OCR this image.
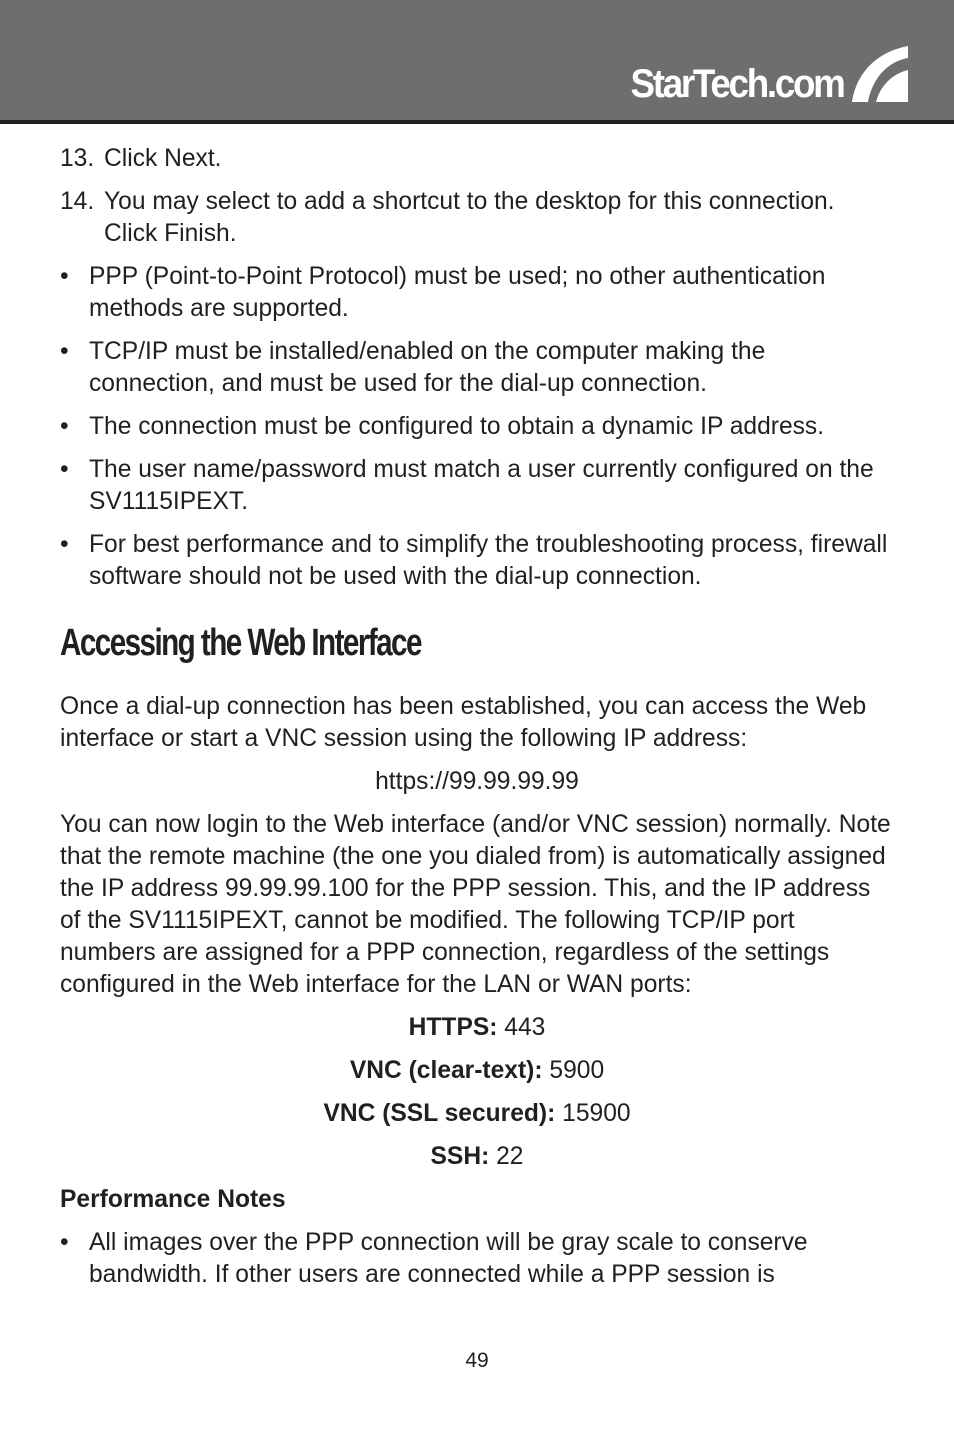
StarTech.com
13. Click Next.
14. You may select to add a shortcut to the desktop for this connection. Click Finish.
• PPP (Point-to-Point Protocol) must be used; no other authentication methods are supported.
• TCP/IP must be installed/enabled on the computer making the connection, and must be used for the dial-up connection.
• The connection must be configured to obtain a dynamic IP address.
• The user name/password must match a user currently configured on the SV1115IPEXT.
• For best performance and to simplify the troubleshooting process, firewall software should not be used with the dial-up connection.
Accessing the Web Interface

Once a dial-up connection has been established, you can access the Web interface or start a VNC session using the following IP address:

https://99.99.99.99

You can now login to the Web interface (and/or VNC session) normally. Note that the remote machine (the one you dialed from) is automatically assigned the IP address 99.99.99.100 for the PPP session. This, and the IP address of the SV1115IPEXT, cannot be modified. The following TCP/IP port numbers are assigned for a PPP connection, regardless of the settings configured in the Web interface for the LAN or WAN ports:

HTTPS: 443

VNC (clear-text): 5900

VNC (SSL secured): 15900

SSH: 22

Performance Notes

• All images over the PPP connection will be gray scale to conserve bandwidth. If other users are connected while a PPP session is
49
